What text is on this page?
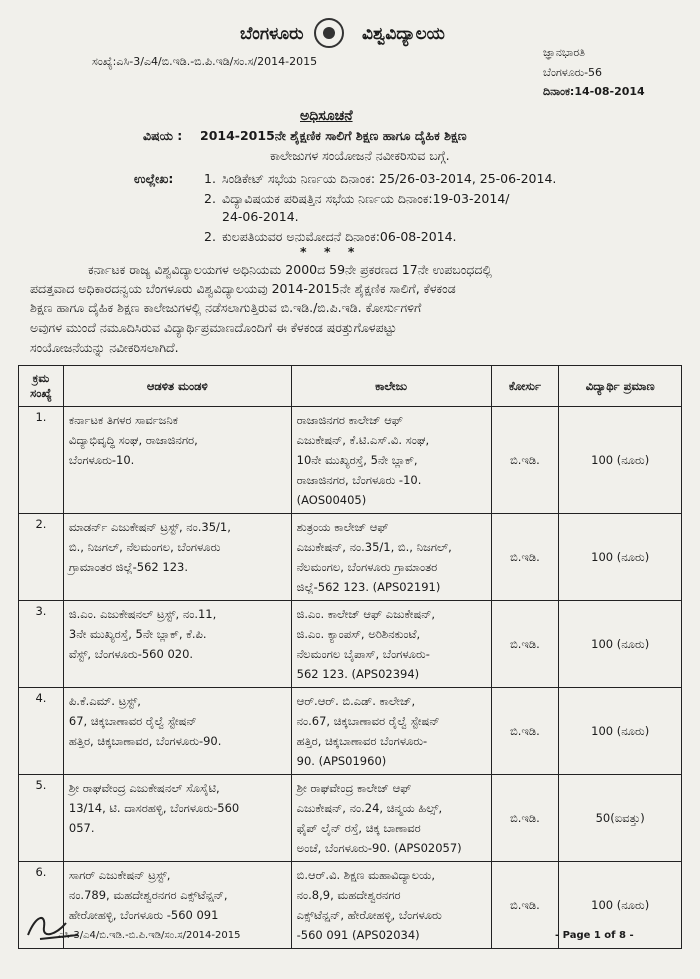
ಬೆಂಗಳೂರು	ವಿಶ್ವವಿದ್ಯಾಲಯ
ಸಂಖ್ಯೆ:ಎಸಿ-3/ಎ4/ಬಿ.ಇಡಿ.-ಬಿ.ಪಿ.ಇಡಿ/ಸಂ.ಸ/2014-2015
ಜ್ಞಾನಭಾರತಿ
ಬೆಂಗಳೂರು-56
ದಿನಾಂಕ:14-08-2014
ಅಧಿಸೂಚನೆ
ವಿಷಯ : 2014-2015ನೇ ಶೈಕ್ಷಣಿಕ ಸಾಲಿಗೆ ಶಿಕ್ಷಣ ಹಾಗೂ ದೈಹಿಕ ಶಿಕ್ಷಣ
ಕಾಲೇಜುಗಳ ಸಂಯೋಜನೆ ನವೀಕರಿಸುವ ಬಗ್ಗೆ.
ಉಲ್ಲೇಖ: 1. ಸಿಂಡಿಕೇಟ್ ಸಭೆಯ ನಿರ್ಣಯ ದಿನಾಂಕ: 25/26-03-2014, 25-06-2014.
2. ವಿದ್ಯಾವಿಷಯಕ ಪರಿಷತ್ತಿನ ಸಭೆಯ ನಿರ್ಣಯ ದಿನಾಂಕ:19-03-2014/
24-06-2014.
2. ಕುಲಪತಿಯವರ ಅನುಮೋದನೆ ದಿನಾಂಕ:06-08-2014.
*    *    *
ಕರ್ನಾಟಕ ರಾಜ್ಯ ವಿಶ್ವವಿದ್ಯಾಲಯಗಳ ಅಧಿನಿಯಮ 2000ದ 59ನೇ ಪ್ರಕರಣದ 17ನೇ ಉಪಬಂಧದಲ್ಲಿ
ಪದತ್ತವಾದ ಅಧಿಕಾರದನ್ವಯ ಬೆಂಗಳೂರು ವಿಶ್ವವಿದ್ಯಾಲಯವು 2014-2015ನೇ ಶೈಕ್ಷಣಿಕ ಸಾಲಿಗೆ, ಕೆಳಕಂಡ
ಶಿಕ್ಷಣ ಹಾಗೂ ದೈಹಿಕ ಶಿಕ್ಷಣ ಕಾಲೇಜುಗಳಲ್ಲಿ ನಡೆಸಲಾಗುತ್ತಿರುವ ಬಿ.ಇಡಿ./ಬಿ.ಪಿ.ಇಡಿ. ಕೋರ್ಸುಗಳಿಗೆ
ಅವುಗಳ ಮುಂದೆ ನಮೂದಿಸಿರುವ ವಿದ್ಯಾರ್ಥಿಪ್ರಮಾಣದೊಂದಿಗೆ ಈ ಕೆಳಕಂಡ ಷರತ್ತುಗೊಳಪಟ್ಟು
ಸಂಯೋಜನೆಯನ್ನು ನವೀಕರಿಸಲಾಗಿದೆ.
ಕ್ರಮ ಸಂಖ್ಯೆ	ಆಡಳಿತ ಮಂಡಳಿ	ಕಾಲೇಜು	ಕೋರ್ಸು	ವಿದ್ಯಾರ್ಥಿ ಪ್ರಮಾಣ
1.	ಕರ್ನಾಟಕ ತಿಗಳರ ಸಾರ್ವಜನಿಕ
ವಿದ್ಯಾಭಿವೃದ್ಧಿ ಸಂಘ, ರಾಜಾಜಿನಗರ,
ಬೆಂಗಳೂರು-10.	ರಾಜಾಜಿನಗರ ಕಾಲೇಜ್ ಆಫ್
ಎಜುಕೇಷನ್, ಕೆ.ಟಿ.ಎಸ್.ವಿ. ಸಂಘ,
10ನೇ ಮುಖ್ಯರಸ್ತೆ, 5ನೇ ಬ್ಲಾಕ್,
ರಾಜಾಜಿನಗರ, ಬೆಂಗಳೂರು -10.
(AOS00405)	ಬಿ.ಇಡಿ.	100 (ನೂರು)
2.	ಮಾಡರ್ನ್ ಎಜುಕೇಷನ್ ಟ್ರಸ್ಟ್, ನಂ.35/1,
ಬಿ., ನಿಜಗಲ್, ನೆಲಮಂಗಲ, ಬೆಂಗಳೂರು
ಗ್ರಾಮಾಂತರ ಜಿಲ್ಲೆ-562 123.	ಶುತ್ರಂಯ ಕಾಲೇಜ್ ಆಫ್
ಎಜುಕೇಷನ್, ನಂ.35/1, ಬಿ., ನಿಜಗಲ್,
ನೆಲಮಂಗಲ, ಬೆಂಗಳೂರು ಗ್ರಾಮಾಂತರ
ಜಿಲ್ಲೆ-562 123. (APS02191)	ಬಿ.ಇಡಿ.	100 (ನೂರು)
3.	ಜಿ.ಎಂ. ಎಜುಕೇಷನಲ್ ಟ್ರಸ್ಟ್, ನಂ.11,
3ನೇ ಮುಖ್ಯರಸ್ತೆ, 5ನೇ ಬ್ಲಾಕ್, ಕೆ.ಪಿ.
ವೆಸ್ಟ್, ಬೆಂಗಳೂರು-560 020.	ಜಿ.ಎಂ. ಕಾಲೇಜ್ ಆಫ್ ಎಜುಕೇಷನ್,
ಜಿ.ಎಂ. ಕ್ಯಾಂಪಸ್, ಅರಿಶಿನಕುಂಟೆ,
ನೆಲಮಂಗಲ ಬೈಪಾಸ್, ಬೆಂಗಳೂರು-
562 123. (APS02394)	ಬಿ.ಇಡಿ.	100 (ನೂರು)
4.	ಪಿ.ಕೆ.ಎಮ್. ಟ್ರಸ್ಟ್,
67, ಚಿಕ್ಕಬಾಣಾವರ ರೈಲ್ವೆ ಸ್ಟೇಷನ್
ಹತ್ತಿರ, ಚಿಕ್ಕಬಾಣಾವರ, ಬೆಂಗಳೂರು-90.	ಆರ್.ಆರ್. ಬಿ.ಎಡ್. ಕಾಲೇಜ್,
ನಂ.67, ಚಿಕ್ಕಬಾಣಾವರ ರೈಲ್ವೆ ಸ್ಟೇಷನ್
ಹತ್ತಿರ, ಚಿಕ್ಕಬಾಣಾವರ ಬೆಂಗಳೂರು-
90. (APS01960)	ಬಿ.ಇಡಿ.	100 (ನೂರು)
5.	ಶ್ರೀ ರಾಘವೇಂದ್ರ ಎಜುಕೇಷನಲ್ ಸೊಸೈಟಿ,
13/14, ಟಿ. ದಾಸರಹಳ್ಳಿ, ಬೆಂಗಳೂರು-560
057.	ಶ್ರೀ ರಾಘವೇಂದ್ರ ಕಾಲೇಜ್ ಆಫ್
ಎಜುಕೇಷನ್, ನಂ.24, ಚಿನ್ಮಯ ಹಿಲ್ಸ್,
ಫೈಪ್ ಲೈನ್ ರಸ್ತೆ, ಚಿಕ್ಕ ಬಾಣಾವರ
ಅಂಚೆ, ಬೆಂಗಳೂರು-90. (APS02057)	ಬಿ.ಇಡಿ.	50(ಐವತ್ತು)
6.	ಸಾಗರ್ ಎಜುಕೇಷನ್ ಟ್ರಸ್ಟ್,
ನಂ.789, ಮಹದೇಶ್ವರನಗರ ಎಕ್ಸ್‌ಟೆನ್ಷನ್,
ಹೇರೋಹಳ್ಳಿ, ಬೆಂಗಳೂರು -560 091	ಬಿ.ಆರ್.ವಿ. ಶಿಕ್ಷಣ ಮಹಾವಿದ್ಯಾಲಯ,
ನಂ.8,9, ಮಹದೇಶ್ವರನಗರ
ಎಕ್ಸ್‌ಟೆನ್ಷನ್, ಹೇರೋಹಳ್ಳಿ, ಬೆಂಗಳೂರು
-560 091 (APS02034)	ಬಿ.ಇಡಿ.	100 (ನೂರು)
ಎಸಿ-3/ಎ4/ಬಿ.ಇಡಿ.-ಬಿ.ಪಿ.ಇಡಿ/ಸಂ.ಸ/2014-2015	- Page 1 of 8 -
